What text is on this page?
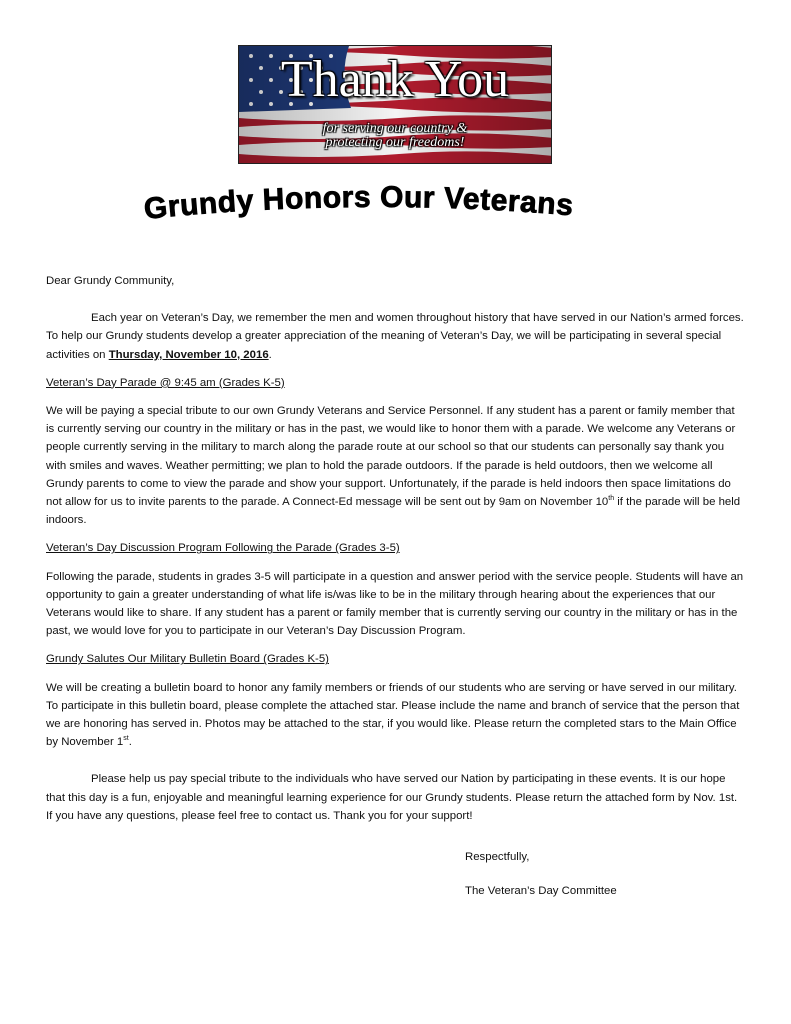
Thank You
for serving our country &
protecting our freedoms!
Grundy Honors Our Veterans

Dear Grundy Community,

Each year on Veteran’s Day, we remember the men and women throughout history that have served in our Nation’s armed forces. To help our Grundy students develop a greater appreciation of the meaning of Veteran’s Day, we will be participating in several special activities on Thursday, November 10, 2016.

Veteran’s Day Parade @ 9:45 am (Grades K-5)

We will be paying a special tribute to our own Grundy Veterans and Service Personnel. If any student has a parent or family member that is currently serving our country in the military or has in the past, we would like to honor them with a parade. We welcome any Veterans or people currently serving in the military to march along the parade route at our school so that our students can personally say thank you with smiles and waves. Weather permitting; we plan to hold the parade outdoors. If the parade is held outdoors, then we welcome all Grundy parents to come to view the parade and show your support. Unfortunately, if the parade is held indoors then space limitations do not allow for us to invite parents to the parade. A Connect-Ed message will be sent out by 9am on November 10th if the parade will be held indoors.

Veteran’s Day Discussion Program Following the Parade (Grades 3-5)

Following the parade, students in grades 3-5 will participate in a question and answer period with the service people. Students will have an opportunity to gain a greater understanding of what life is/was like to be in the military through hearing about the experiences that our Veterans would like to share. If any student has a parent or family member that is currently serving our country in the military or has in the past, we would love for you to participate in our Veteran’s Day Discussion Program.

Grundy Salutes Our Military Bulletin Board (Grades K-5)

We will be creating a bulletin board to honor any family members or friends of our students who are serving or have served in our military. To participate in this bulletin board, please complete the attached star. Please include the name and branch of service that the person that we are honoring has served in. Photos may be attached to the star, if you would like. Please return the completed stars to the Main Office by November 1st.

Please help us pay special tribute to the individuals who have served our Nation by participating in these events. It is our hope that this day is a fun, enjoyable and meaningful learning experience for our Grundy students. Please return the attached form by Nov. 1st. If you have any questions, please feel free to contact us. Thank you for your support!

Respectfully,

The Veteran’s Day Committee
